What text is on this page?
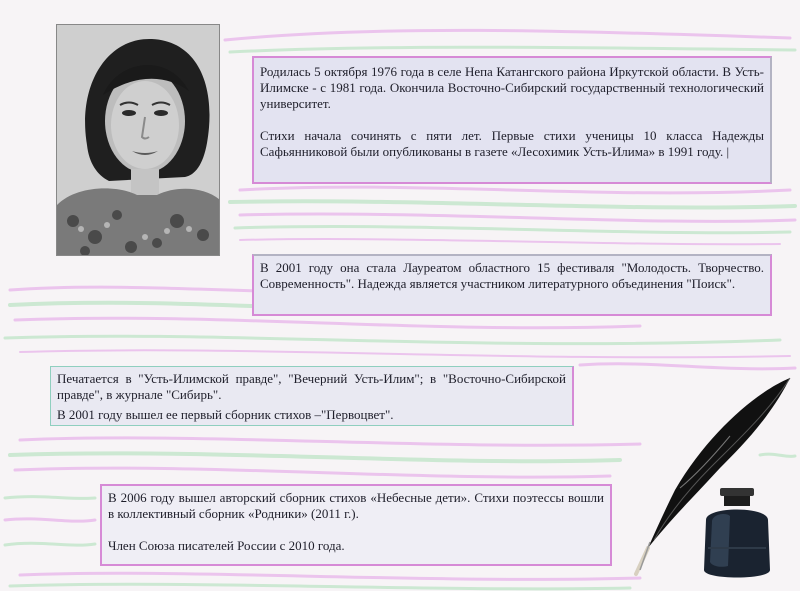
Родилась 5 октября 1976 года в селе Непа Катангского района Иркутской области. В Усть-Илимске - с 1981 года. Окончила Восточно-Сибирский государственный технологический университет.

Стихи начала сочинять с пяти лет. Первые стихи ученицы 10 класса Надежды Сафьянниковой были опубликованы в газете «Лесохимик Усть-Илима» в 1991 году. |

В 2001 году она стала Лауреатом областного 15 фестиваля "Молодость. Творчество. Современность". Надежда является участником литературного объединения "Поиск".

Печатается в "Усть-Илимской правде", "Вечерний Усть-Илим"; в "Восточно-Сибирской правде", в журнале "Сибирь".

В 2001 году вышел ее первый сборник стихов –"Первоцвет".

В 2006 году вышел авторский сборник стихов «Небесные дети». Стихи поэтессы вошли в коллективный сборник «Родники» (2011 г.).

Член Союза писателей России с 2010 года.
